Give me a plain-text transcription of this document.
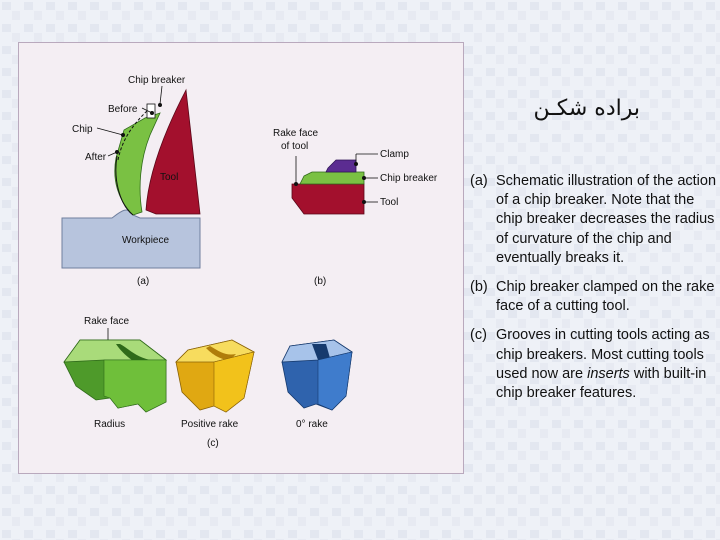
Chip breaker
Before
Chip
After
Tool
Workpiece
(a)
Rake face
of tool
Clamp
Chip breaker
Tool
(b)
Rake face
Radius	Positive rake	0° rake
(c)
براده شکـن
(a) Schematic illustration of the action of a chip breaker. Note that the chip breaker decreases the radius of curvature of the chip and eventually breaks it.
(b) Chip breaker clamped on the rake face of a cutting tool.
(c) Grooves in cutting tools acting as chip breakers. Most cutting tools used now are inserts with built-in chip breaker features.
